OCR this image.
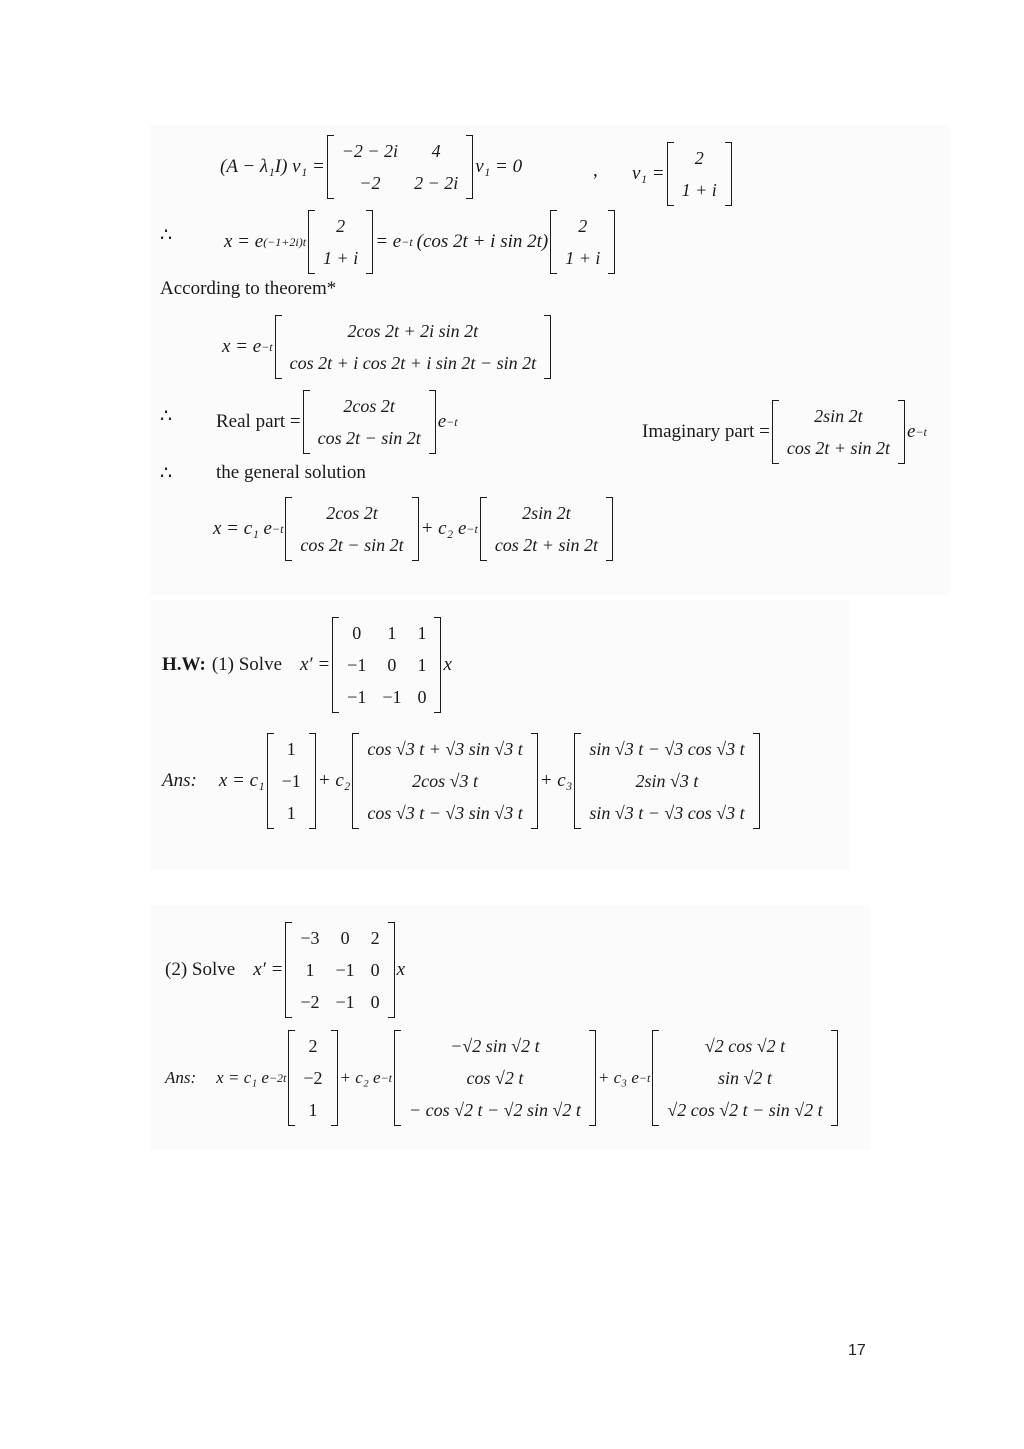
(A − λ₁I) v₁ =
−2 − 2i	4
−2	2 − 2i
v₁ = 0	, v₁ =
2
1 + i
∴	x = e (−1+2i)t
2
1 + i
= e −t (cos 2t + i sin 2t)
2
1 + i
According to theorem*
x = e −t
2cos 2t + 2i sin 2t
cos 2t + i cos 2t + i sin 2t − sin 2t
∴ Real part =
2cos 2t
cos 2t − sin 2t
e −t	Imaginary part =
2sin 2t
cos 2t + sin 2t
e −t
∴ the general solution
x = c₁ e −t
2cos 2t
cos 2t − sin 2t
+ c₂ e −t
2sin 2t
cos 2t + sin 2t
H.W: (1) Solve x′ =
0	1	1
−1	0	1
−1	−1	0
x
Ans: x = c₁
1
−1
1
+ c₂
cos √3 t + √3 sin √3 t
2cos √3 t
cos √3 t − √3 sin √3 t
+ c₃
sin √3 t − √3 cos √3 t
2sin √3 t
sin √3 t − √3 cos √3 t
(2) Solve x′ =
−3	0	2
1	−1	0
−2	−1	0
x
Ans: x = c₁ e −2t
2
−2
1
+ c₂ e −t
−√2 sin √2 t
cos √2 t
− cos √2 t − √2 sin √2 t
+ c₃ e −t
√2 cos √2 t
sin √2 t
√2 cos √2 t − sin √2 t
17
